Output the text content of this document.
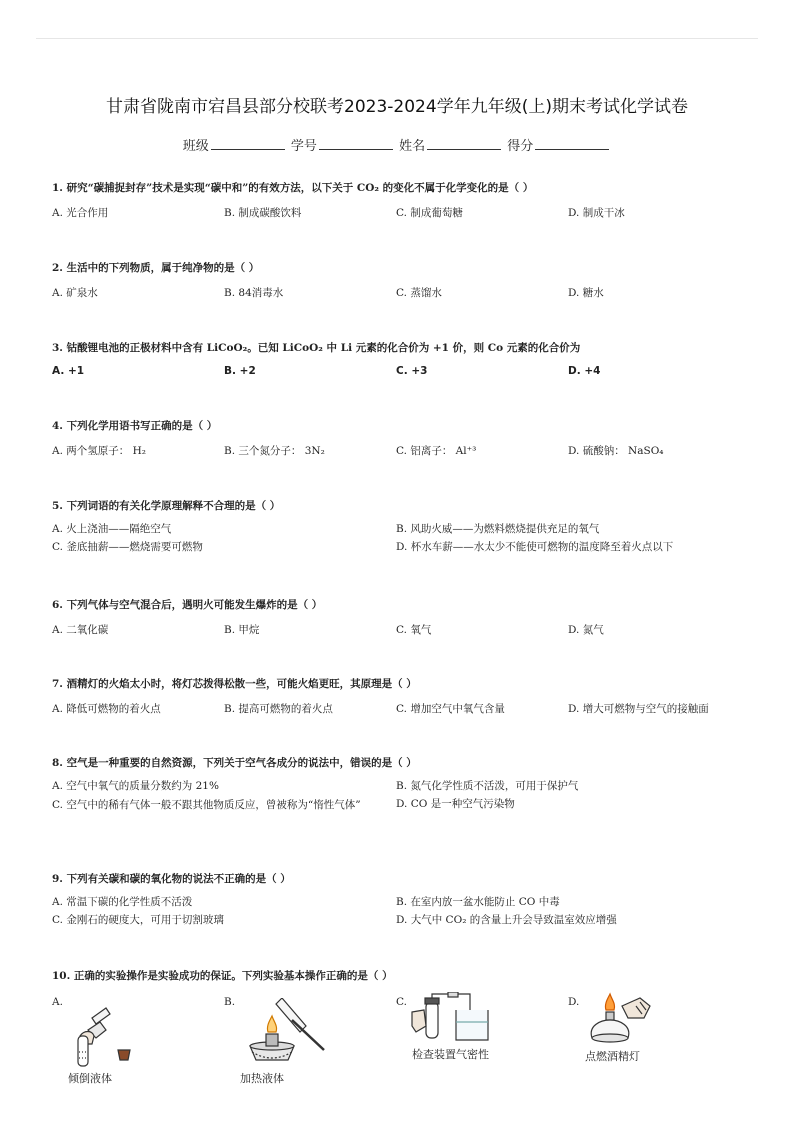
甘肃省陇南市宕昌县部分校联考2023-2024学年九年级(上)期末考试化学试卷
班级	学号	姓名	得分
1. 研究“碳捕捉封存”技术是实现“碳中和”的有效方法，以下关于 CO₂ 的变化不属于化学变化的是（ ）
A. 光合作用	B. 制成碳酸饮料	C. 制成葡萄糖	D. 制成干冰
2. 生活中的下列物质，属于纯净物的是（ ）
A. 矿泉水	B. 84消毒水	C. 蒸馏水	D. 糖水
3. 钴酸锂电池的正极材料中含有 LiCoO₂。已知 LiCoO₂ 中 Li 元素的化合价为 +1 价，则 Co 元素的化合价为
A. +1	B. +2	C. +3	D. +4
4. 下列化学用语书写正确的是（ ）
A. 两个氢原子： H₂	B. 三个氮分子： 3N₂	C. 铝离子： Al⁺³	D. 硫酸钠： NaSO₄
5. 下列词语的有关化学原理解释不合理的是（ ）
A. 火上浇油——隔绝空气	B. 风助火威——为燃料燃烧提供充足的氧气
C. 釜底抽薪——燃烧需要可燃物	D. 杯水车薪——水太少不能使可燃物的温度降至着火点以下
6. 下列气体与空气混合后，遇明火可能发生爆炸的是（ ）
A. 二氧化碳	B. 甲烷	C. 氧气	D. 氮气
7. 酒精灯的火焰太小时，将灯芯拨得松散一些，可能火焰更旺，其原理是（ ）
A. 降低可燃物的着火点	B. 提高可燃物的着火点	C. 增加空气中氧气含量	D. 增大可燃物与空气的接触面
8. 空气是一种重要的自然资源，下列关于空气各成分的说法中，错误的是（ ）
A. 空气中氧气的质量分数约为 21%	B. 氮气化学性质不活泼，可用于保护气
C. 空气中的稀有气体一般不跟其他物质反应，曾被称为“惰性气体”	D. CO 是一种空气污染物
9. 下列有关碳和碳的氧化物的说法不正确的是（ ）
A. 常温下碳的化学性质不活泼	B. 在室内放一盆水能防止 CO 中毒
C. 金刚石的硬度大，可用于切割玻璃	D. 大气中 CO₂ 的含量上升会导致温室效应增强
10. 正确的实验操作是实验成功的保证。下列实验基本操作正确的是（ ）
A.	B.	C.	D.
倾倒液体	加热液体
检查装置气密性	点燃酒精灯
